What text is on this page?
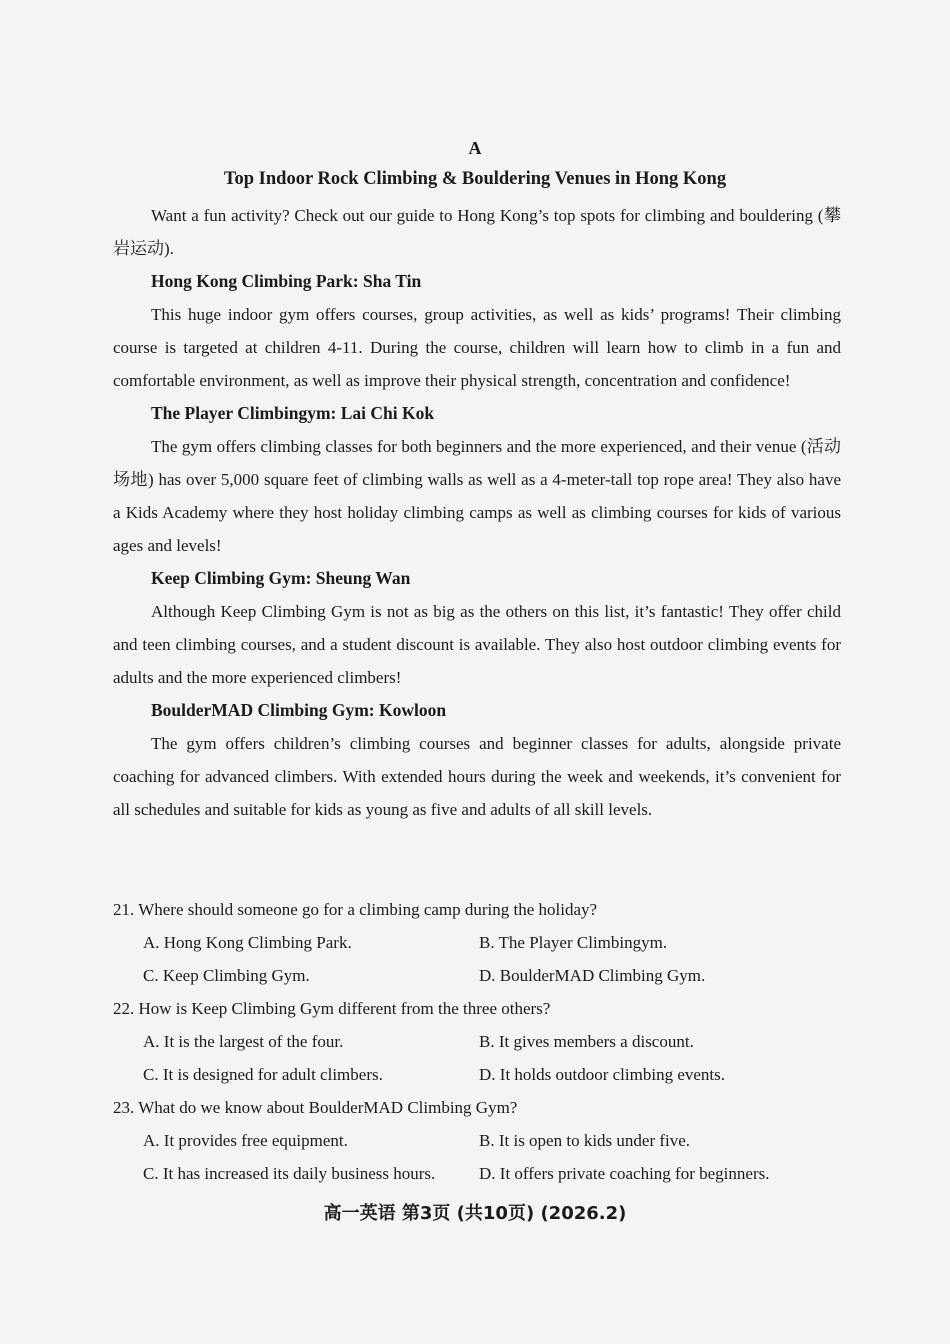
A
Top Indoor Rock Climbing & Bouldering Venues in Hong Kong

Want a fun activity? Check out our guide to Hong Kong’s top spots for climbing and bouldering (攀岩运动).

Hong Kong Climbing Park: Sha Tin

This huge indoor gym offers courses, group activities, as well as kids’ programs! Their climbing course is targeted at children 4-11. During the course, children will learn how to climb in a fun and comfortable environment, as well as improve their physical strength, concentration and confidence!

The Player Climbingym: Lai Chi Kok

The gym offers climbing classes for both beginners and the more experienced, and their venue (活动场地) has over 5,000 square feet of climbing walls as well as a 4-meter-tall top rope area! They also have a Kids Academy where they host holiday climbing camps as well as climbing courses for kids of various ages and levels!

Keep Climbing Gym: Sheung Wan

Although Keep Climbing Gym is not as big as the others on this list, it’s fantastic! They offer child and teen climbing courses, and a student discount is available. They also host outdoor climbing events for adults and the more experienced climbers!

BoulderMAD Climbing Gym: Kowloon

The gym offers children’s climbing courses and beginner classes for adults, alongside private coaching for advanced climbers. With extended hours during the week and weekends, it’s convenient for all schedules and suitable for kids as young as five and adults of all skill levels.

21. Where should someone go for a climbing camp during the holiday?

A. Hong Kong Climbing Park.	B. The Player Climbingym.

C. Keep Climbing Gym.	D. BoulderMAD Climbing Gym.

22. How is Keep Climbing Gym different from the three others?

A. It is the largest of the four.	B. It gives members a discount.

C. It is designed for adult climbers.	D. It holds outdoor climbing events.

23. What do we know about BoulderMAD Climbing Gym?

A. It provides free equipment.	B. It is open to kids under five.

C. It has increased its daily business hours.	D. It offers private coaching for beginners.

高一英语 第3页 (共10页) (2026.2)
